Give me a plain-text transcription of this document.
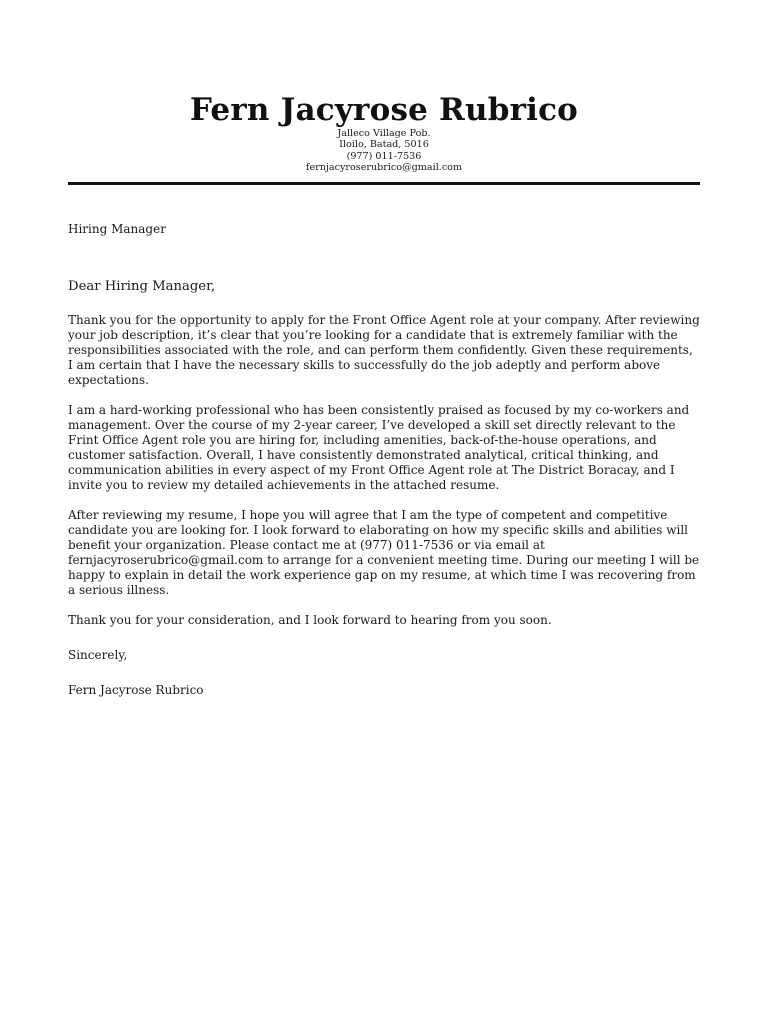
Fern Jacyrose Rubrico
Jalleco Village Pob.
Iloilo, Batad, 5016
(977) 011-7536
fernjacyroserubrico@gmail.com
Hiring Manager
Dear Hiring Manager,

Thank you for the opportunity to apply for the Front Office Agent role at your company. After reviewing your job description, it’s clear that you’re looking for a candidate that is extremely familiar with the responsibilities associated with the role, and can perform them confidently. Given these requirements, I am certain that I have the necessary skills to successfully do the job adeptly and perform above expectations.

I am a hard-working professional who has been consistently praised as focused by my co-workers and management. Over the course of my 2-year career, I’ve developed a skill set directly relevant to the Frint Office Agent role you are hiring for, including amenities, back-of-the-house operations, and customer satisfaction. Overall, I have consistently demonstrated analytical, critical thinking, and communication abilities in every aspect of my Front Office Agent role at The District Boracay, and I invite you to review my detailed achievements in the attached resume.

After reviewing my resume, I hope you will agree that I am the type of competent and competitive candidate you are looking for. I look forward to elaborating on how my specific skills and abilities will benefit your organization. Please contact me at (977) 011-7536 or via email at fernjacyroserubrico@gmail.com to arrange for a convenient meeting time. During our meeting I will be happy to explain in detail the work experience gap on my resume, at which time I was recovering from a serious illness.

Thank you for your consideration, and I look forward to hearing from you soon.

Sincerely,
Fern Jacyrose Rubrico
